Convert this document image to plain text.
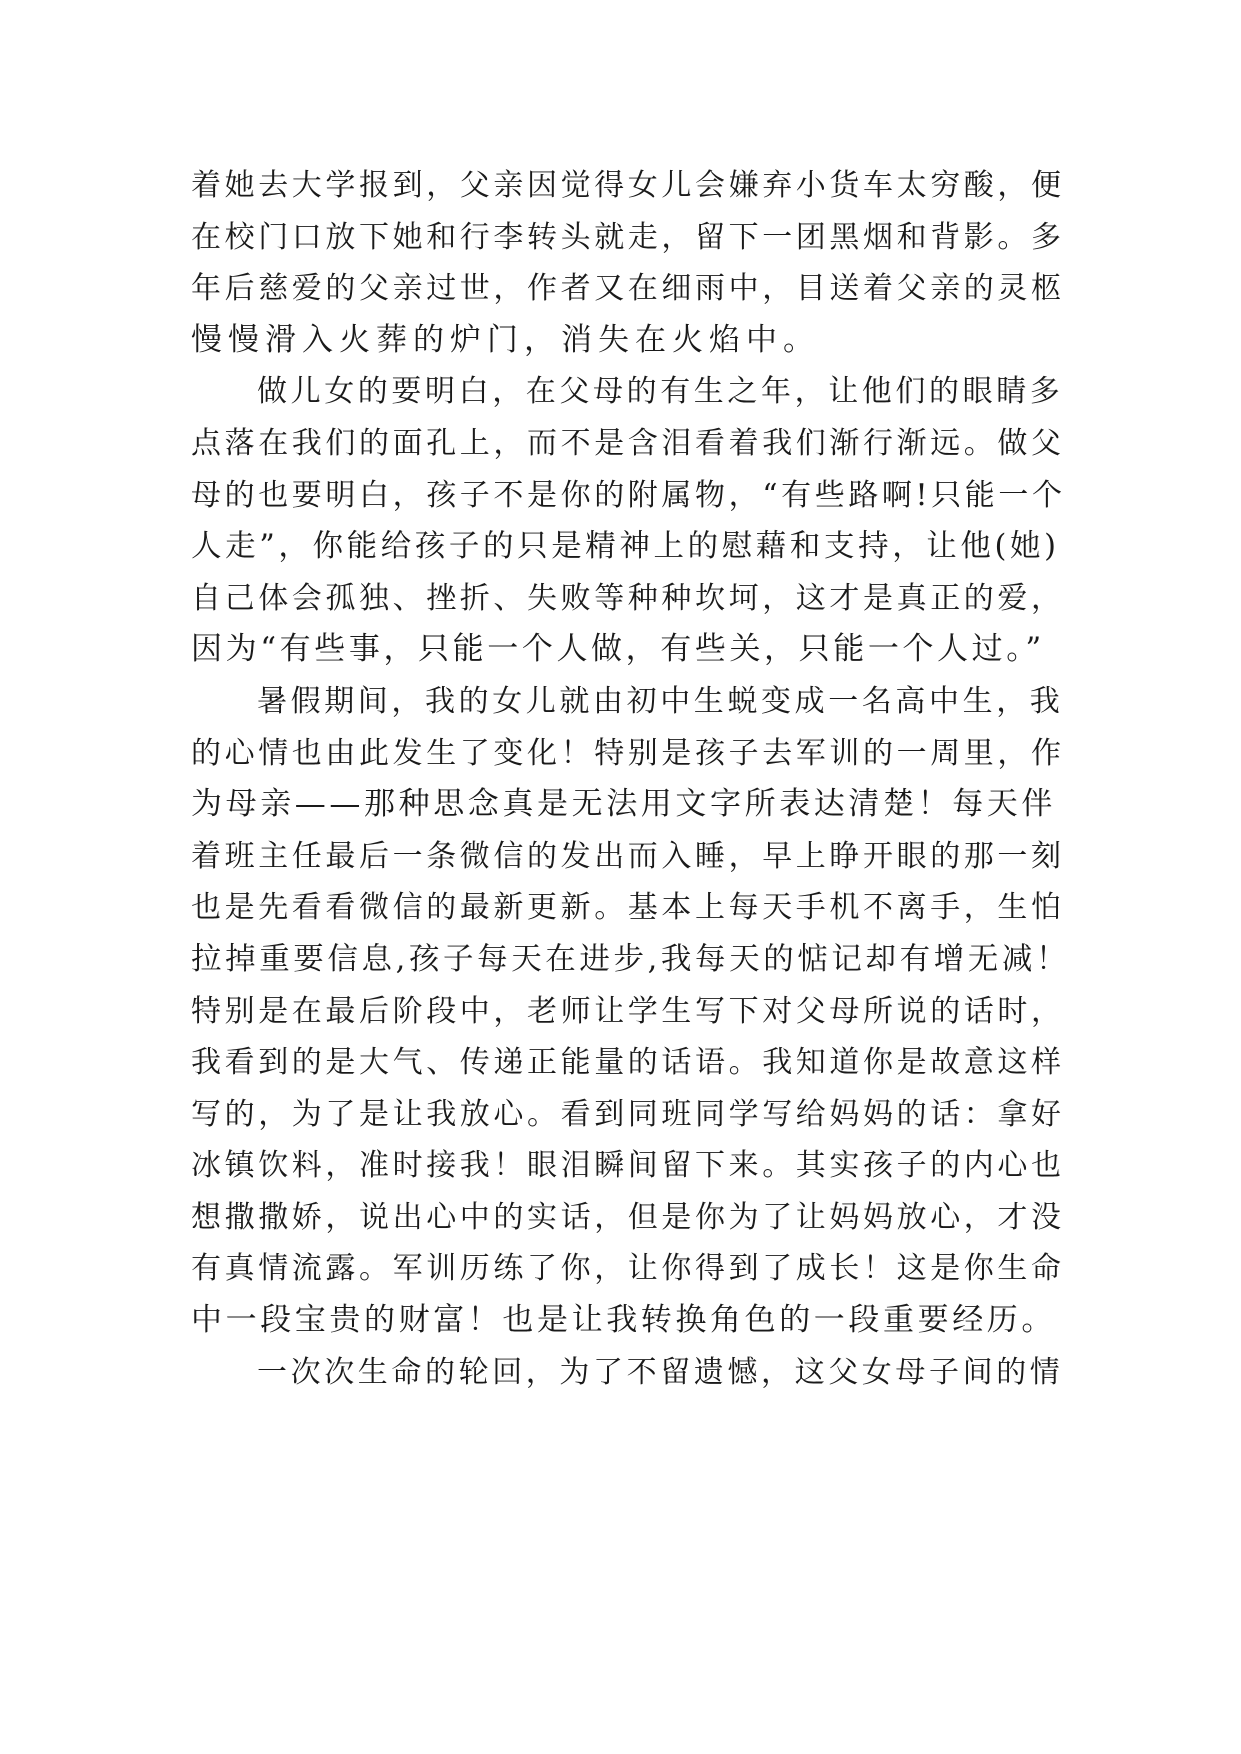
着她去大学报到，父亲因觉得女儿会嫌弃小货车太穷酸，便
在校门口放下她和行李转头就走，留下一团黑烟和背影。多
年后慈爱的父亲过世，作者又在细雨中，目送着父亲的灵柩
慢慢滑入火葬的炉门，消失在火焰中。
做儿女的要明白，在父母的有生之年，让他们的眼睛多
点落在我们的面孔上，而不是含泪看着我们渐行渐远。做父
母的也要明白，孩子不是你的附属物，“有些路啊!只能一个
人走”，你能给孩子的只是精神上的慰藉和支持，让他(她)
自己体会孤独、挫折、失败等种种坎坷，这才是真正的爱，
因为“有些事，只能一个人做，有些关，只能一个人过。”
暑假期间，我的女儿就由初中生蜕变成一名高中生，我
的心情也由此发生了变化！特别是孩子去军训的一周里，作
为母亲——那种思念真是无法用文字所表达清楚！每天伴
着班主任最后一条微信的发出而入睡，早上睁开眼的那一刻
也是先看看微信的最新更新。基本上每天手机不离手，生怕
拉掉重要信息,孩子每天在进步,我每天的惦记却有增无减！
特别是在最后阶段中，老师让学生写下对父母所说的话时，
我看到的是大气、传递正能量的话语。我知道你是故意这样
写的，为了是让我放心。看到同班同学写给妈妈的话：拿好
冰镇饮料，准时接我！眼泪瞬间留下来。其实孩子的内心也
想撒撒娇，说出心中的实话，但是你为了让妈妈放心，才没
有真情流露。军训历练了你，让你得到了成长！这是你生命
中一段宝贵的财富！也是让我转换角色的一段重要经历。
一次次生命的轮回，为了不留遗憾，这父女母子间的情
